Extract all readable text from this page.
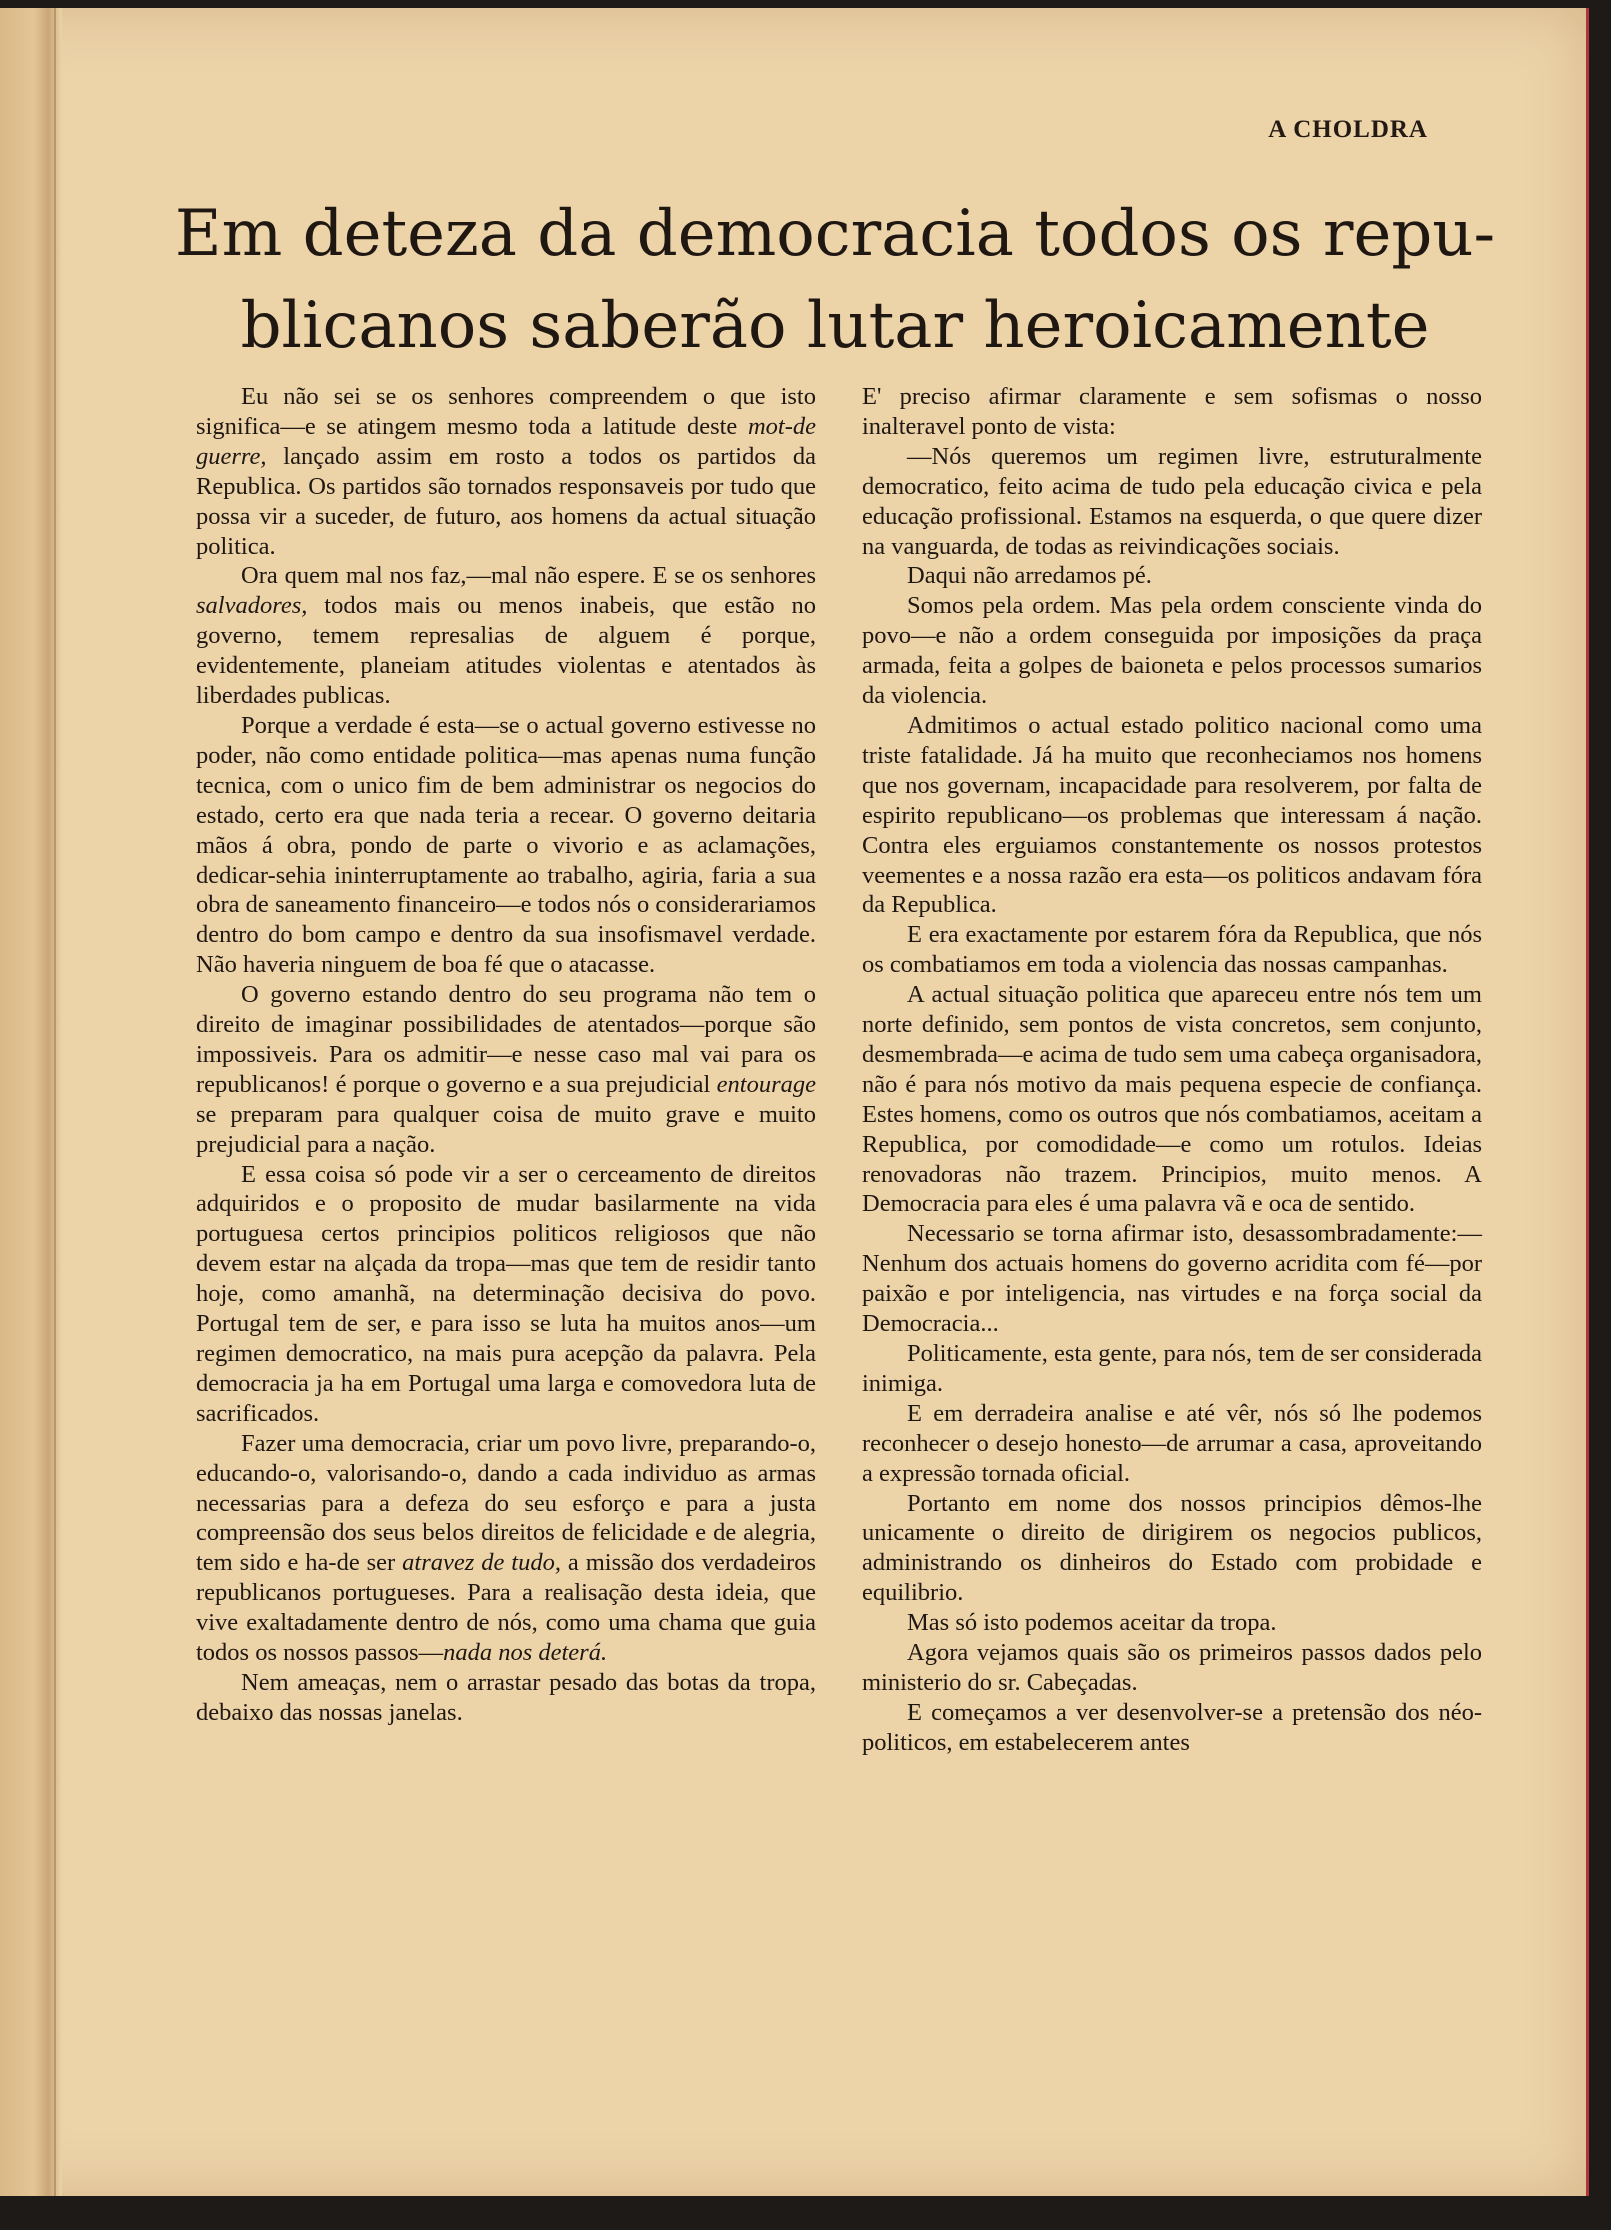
A CHOLDRA
Em deteza da democracia todos os repu-
blicanos saberão lutar heroicamente

Eu não sei se os senhores compreendem o que isto significa—e se atingem mesmo toda a latitude deste mot-de guerre, lançado assim em rosto a todos os partidos da Republica. Os partidos são tornados responsaveis por tudo que possa vir a suceder, de futuro, aos homens da actual situação politica.

Ora quem mal nos faz,—mal não espere. E se os senhores salvadores, todos mais ou menos inabeis, que estão no governo, temem represalias de alguem é porque, evidentemente, planeiam atitudes violentas e atentados às liberdades publicas.

Porque a verdade é esta—se o actual governo estivesse no poder, não como entidade politica—mas apenas numa função tecnica, com o unico fim de bem administrar os negocios do estado, certo era que nada teria a recear. O governo deitaria mãos á obra, pondo de parte o vivorio e as aclamações, dedicar-sehia ininterruptamente ao trabalho, agiria, faria a sua obra de saneamento financeiro—e todos nós o considerariamos dentro do bom campo e dentro da sua insofismavel verdade. Não haveria ninguem de boa fé que o atacasse.

O governo estando dentro do seu programa não tem o direito de imaginar possibilidades de atentados—porque são impossiveis. Para os admitir—e nesse caso mal vai para os republicanos! é porque o governo e a sua prejudicial entourage se preparam para qualquer coisa de muito grave e muito prejudicial para a nação.

E essa coisa só pode vir a ser o cerceamento de direitos adquiridos e o proposito de mudar basilarmente na vida portuguesa certos principios politicos religiosos que não devem estar na alçada da tropa—mas que tem de residir tanto hoje, como amanhã, na determinação decisiva do povo. Portugal tem de ser, e para isso se luta ha muitos anos—um regimen democratico, na mais pura acepção da palavra. Pela democracia ja ha em Portugal uma larga e comovedora luta de sacrificados.

Fazer uma democracia, criar um povo livre, preparando-o, educando-o, valorisando-o, dando a cada individuo as armas necessarias para a defeza do seu esforço e para a justa compreensão dos seus belos direitos de felicidade e de alegria, tem sido e ha-de ser atravez de tudo, a missão dos verdadeiros republicanos portugueses. Para a realisação desta ideia, que vive exaltadamente dentro de nós, como uma chama que guia todos os nossos passos—nada nos deterá.

Nem ameaças, nem o arrastar pesado das botas da tropa, debaixo das nossas janelas.

E' preciso afirmar claramente e sem sofismas o nosso inalteravel ponto de vista:

—Nós queremos um regimen livre, estruturalmente democratico, feito acima de tudo pela educação civica e pela educação profissional. Estamos na esquerda, o que quere dizer na vanguarda, de todas as reivindicações sociais.

Daqui não arredamos pé.

Somos pela ordem. Mas pela ordem consciente vinda do povo—e não a ordem conseguida por imposições da praça armada, feita a golpes de baioneta e pelos processos sumarios da violencia.

Admitimos o actual estado politico nacional como uma triste fatalidade. Já ha muito que reconheciamos nos homens que nos governam, incapacidade para resolverem, por falta de espirito republicano—os problemas que interessam á nação. Contra eles erguiamos constantemente os nossos protestos veementes e a nossa razão era esta—os politicos andavam fóra da Republica.

E era exactamente por estarem fóra da Republica, que nós os combatiamos em toda a violencia das nossas campanhas.

A actual situação politica que apareceu entre nós tem um norte definido, sem pontos de vista concretos, sem conjunto, desmembrada—e acima de tudo sem uma cabeça organisadora, não é para nós motivo da mais pequena especie de confiança. Estes homens, como os outros que nós combatiamos, aceitam a Republica, por comodidade—e como um rotulos. Ideias renovadoras não trazem. Principios, muito menos. A Democracia para eles é uma palavra vã e oca de sentido.

Necessario se torna afirmar isto, desassombradamente:—Nenhum dos actuais homens do governo acridita com fé—por paixão e por inteligencia, nas virtudes e na força social da Democracia...

Politicamente, esta gente, para nós, tem de ser considerada inimiga.

E em derradeira analise e até vêr, nós só lhe podemos reconhecer o desejo honesto—de arrumar a casa, aproveitando a expressão tornada oficial.

Portanto em nome dos nossos principios dêmos-lhe unicamente o direito de dirigirem os negocios publicos, administrando os dinheiros do Estado com probidade e equilibrio.

Mas só isto podemos aceitar da tropa.

Agora vejamos quais são os primeiros passos dados pelo ministerio do sr. Cabeçadas.

E começamos a ver desenvolver-se a pretensão dos néo-politicos, em estabelecerem antes
